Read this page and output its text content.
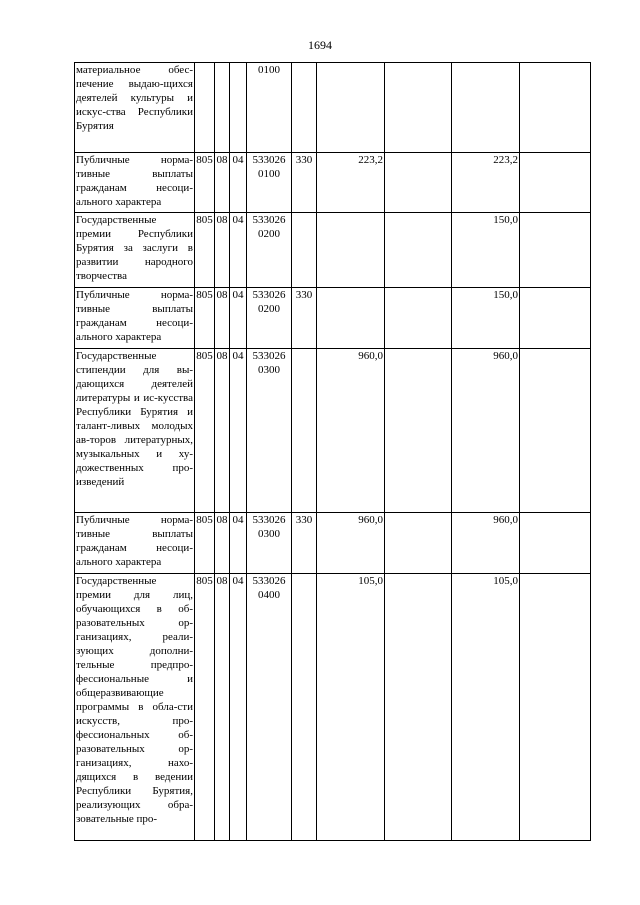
1694
материальное обес-печение выдаю-щихся деятелей культуры и искус-ства Республики Бурятия				0100					
Публичные норма-тивные выплаты гражданам несоци-ального характера	805	08	04	533026 0100	330	223,2		223,2	
Государственные премии Республики Бурятия за заслуги в развитии народного творчества	805	08	04	533026 0200				150,0	
Публичные норма-тивные выплаты гражданам несоци-ального характера	805	08	04	533026 0200	330			150,0	
Государственные стипендии для вы-дающихся деятелей литературы и ис-кусства Республики Бурятия и талант-ливых молодых ав-торов литературных, музыкальных и ху-дожественных про-изведений	805	08	04	533026 0300		960,0		960,0	
Публичные норма-тивные выплаты гражданам несоци-ального характера	805	08	04	533026 0300	330	960,0		960,0	
Государственные премии для лиц, обучающихся в об-разовательных ор-ганизациях, реали-зующих дополни-тельные предпро-фессиональные и общеразвивающие программы в обла-сти искусств, про-фессиональных об-разовательных ор-ганизациях, нахо-дящихся в ведении Республики Бурятия, реализующих обра-зовательные про-	805	08	04	533026 0400		105,0		105,0	
